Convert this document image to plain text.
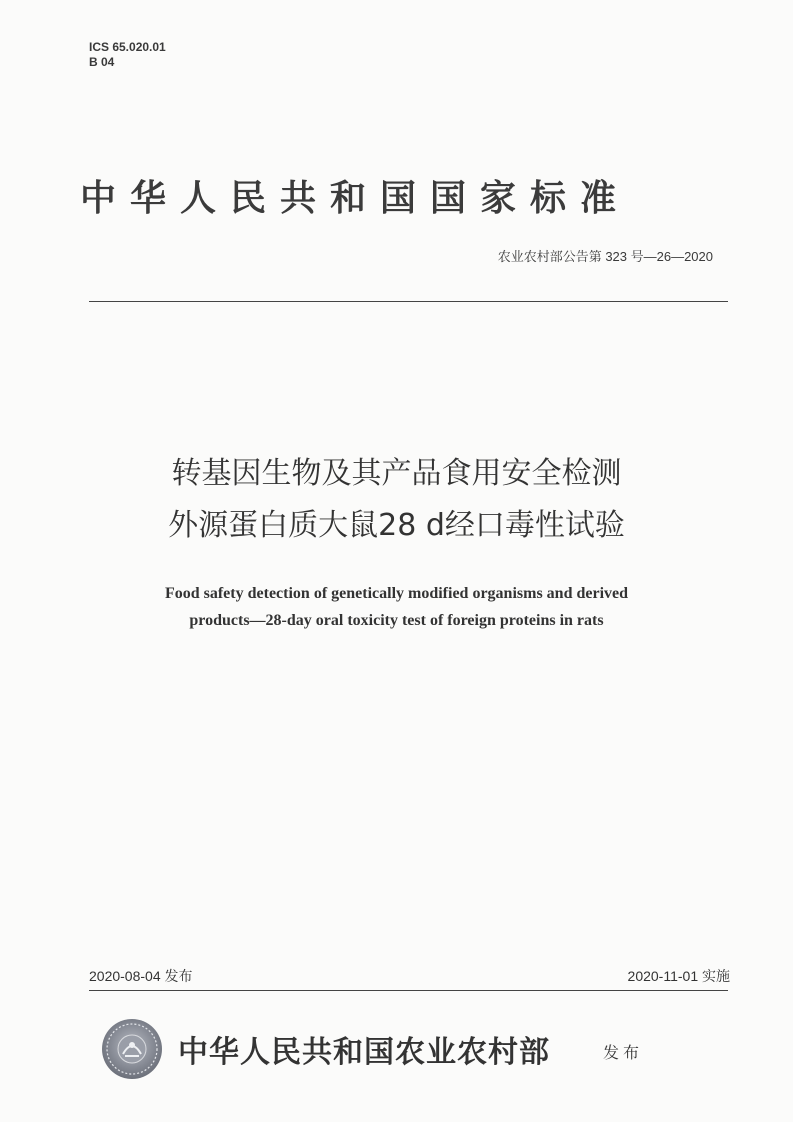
ICS 65.020.01
B 04
中华人民共和国国家标准
农业农村部公告第 323 号—26—2020
转基因生物及其产品食用安全检测
外源蛋白质大鼠28 d经口毒性试验
Food safety detection of genetically modified organisms and derived
products—28-day oral toxicity test of foreign proteins in rats
2020-08-04 发布	2020-11-01 实施
中华人民共和国农业农村部	发布
